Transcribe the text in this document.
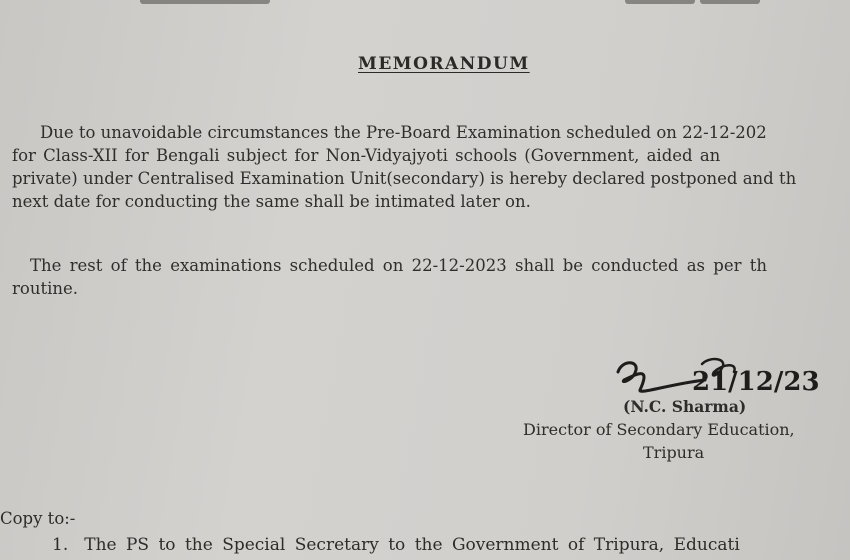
MEMORANDUM
Due to unavoidable circumstances the Pre-Board Examination scheduled on 22-12-202
for Class-XII for Bengali subject for Non-Vidyajyoti schools (Government, aided an
private) under Centralised Examination Unit(secondary) is hereby declared postponed and th
next date for conducting the same shall be intimated later on.
The rest of the examinations scheduled on 22-12-2023 shall be conducted as per th
routine.
21/12/23
(N.C. Sharma)
Director of Secondary Education,
Tripura
Copy to:-
1. The PS to the Special Secretary to the Government of Tripura, Educati
